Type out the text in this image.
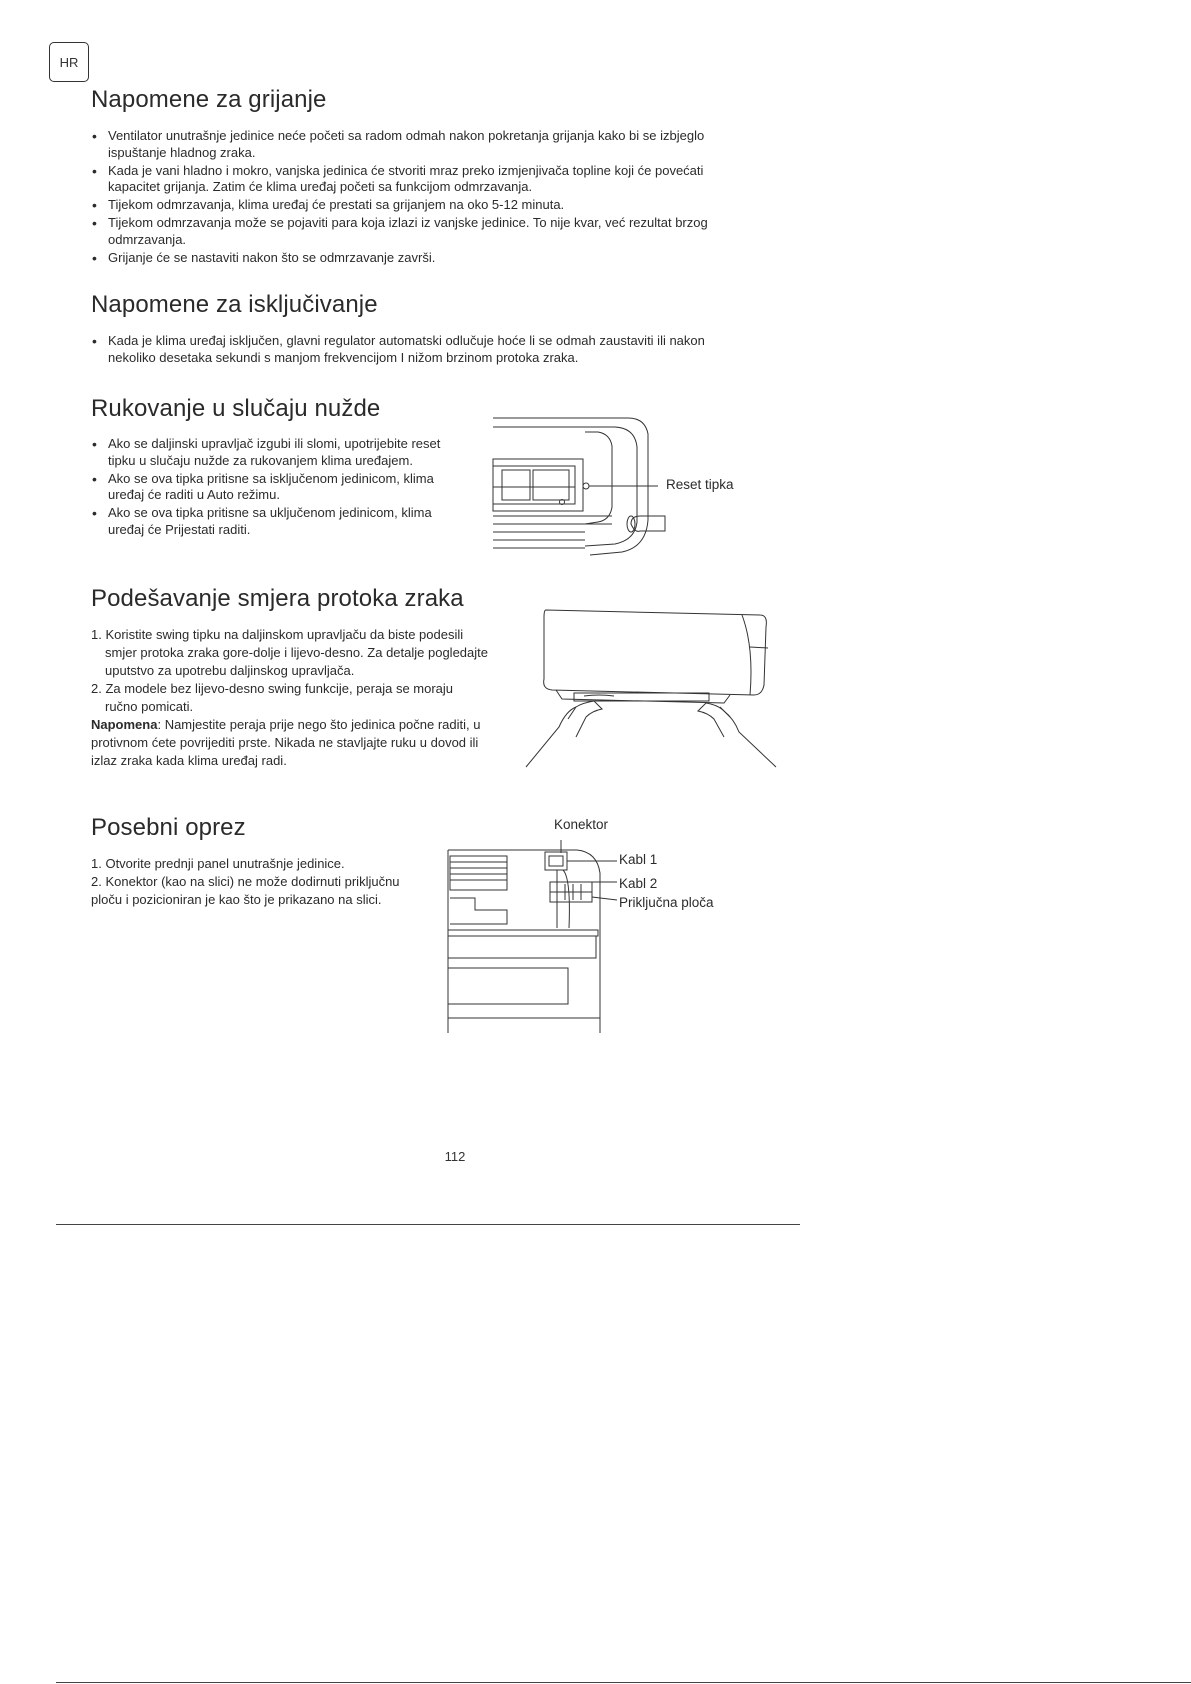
HR
Napomene za grijanje
• Ventilator unutrašnje jedinice neće početi sa radom odmah nakon pokretanja grijanja kako bi se izbjeglo ispuštanje hladnog zraka.
• Kada je vani hladno i mokro, vanjska jedinica će stvoriti mraz preko izmjenjivača topline koji će povećati kapacitet grijanja. Zatim će klima uređaj početi sa funkcijom odmrzavanja.
• Tijekom odmrzavanja, klima uređaj će prestati sa grijanjem na oko 5-12 minuta.
• Tijekom odmrzavanja može se pojaviti para koja izlazi iz vanjske jedinice. To nije kvar, već rezultat brzog odmrzavanja.
• Grijanje će se nastaviti nakon što se odmrzavanje završi.
Napomene za isključivanje
• Kada je klima uređaj isključen, glavni regulator automatski odlučuje hoće li se odmah zaustaviti ili nakon nekoliko desetaka sekundi s manjom frekvencijom I nižom brzinom protoka zraka.
Rukovanje u slučaju nužde
• Ako se daljinski upravljač izgubi ili slomi, upotrijebite reset tipku u slučaju nužde za rukovanjem klima uređajem.
• Ako se ova tipka pritisne sa isključenom jedinicom, klima uređaj će raditi u Auto režimu.
• Ako se ova tipka pritisne sa uključenom jedinicom, klima uređaj će Prijestati raditi.
Reset tipka
Podešavanje smjera protoka zraka

1. Koristite swing tipku na daljinskom upravljaču da biste podesili

smjer protoka zraka gore-dolje i lijevo-desno. Za detalje pogledajte uputstvo za upotrebu daljinskog upravljača.

2. Za modele bez lijevo-desno swing funkcije, peraja se moraju

ručno pomicati.

Napomena: Namjestite peraja prije nego što jedinica počne raditi, u protivnom ćete povrijediti prste. Nikada ne stavljajte ruku u dovod ili izlaz zraka kada klima uređaj radi.

Posebni oprez

1. Otvorite prednji panel unutrašnje jedinice.

2. Konektor (kao na slici) ne može dodirnuti priključnu ploču i pozicioniran je kao što je prikazano na slici.

Konektor
Kabl 1
Kabl 2
Priključna ploča
112
